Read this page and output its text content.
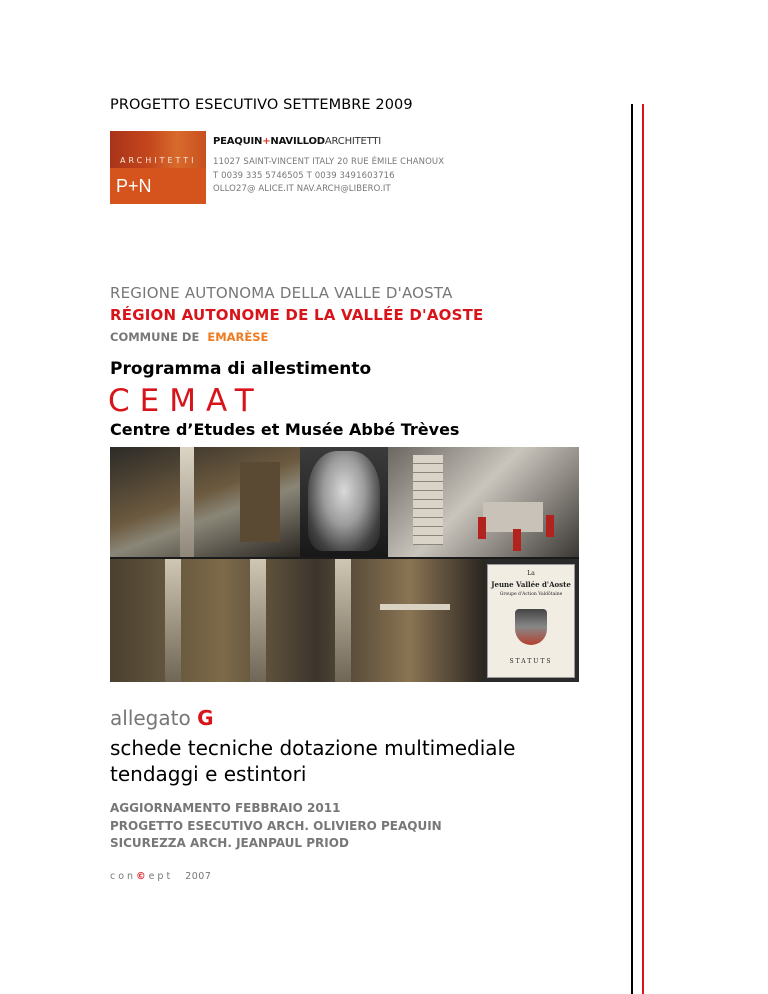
PROGETTO ESECUTIVO SETTEMBRE 2009
ARCHITETTI
P+N
PEAQUIN+NAVILLODARCHITETTI
11027 SAINT-VINCENT ITALY 20 RUE ÉMILE CHANOUX
T 0039 335 5746505 T 0039 3491603716
OLLO27@ ALICE.IT NAV.ARCH@LIBERO.IT
REGIONE AUTONOMA DELLA VALLE D'AOSTA
RÉGION AUTONOME DE LA VALLÉE D'AOSTE
COMMUNE DE EMARÈSE
Programma di allestimento
CEMAT
Centre d’Etudes et Musée Abbé Trèves
La
Jeune Vallée d'Aoste
Groupe d'Action Valdôtaine
STATUTS
allegato G
schede tecniche dotazione multimediale
tendaggi e estintori
AGGIORNAMENTO FEBBRAIO 2011
PROGETTO ESECUTIVO ARCH. OLIVIERO PEAQUIN
SICUREZZA ARCH. JEANPAUL PRIOD
con©ept 2007
